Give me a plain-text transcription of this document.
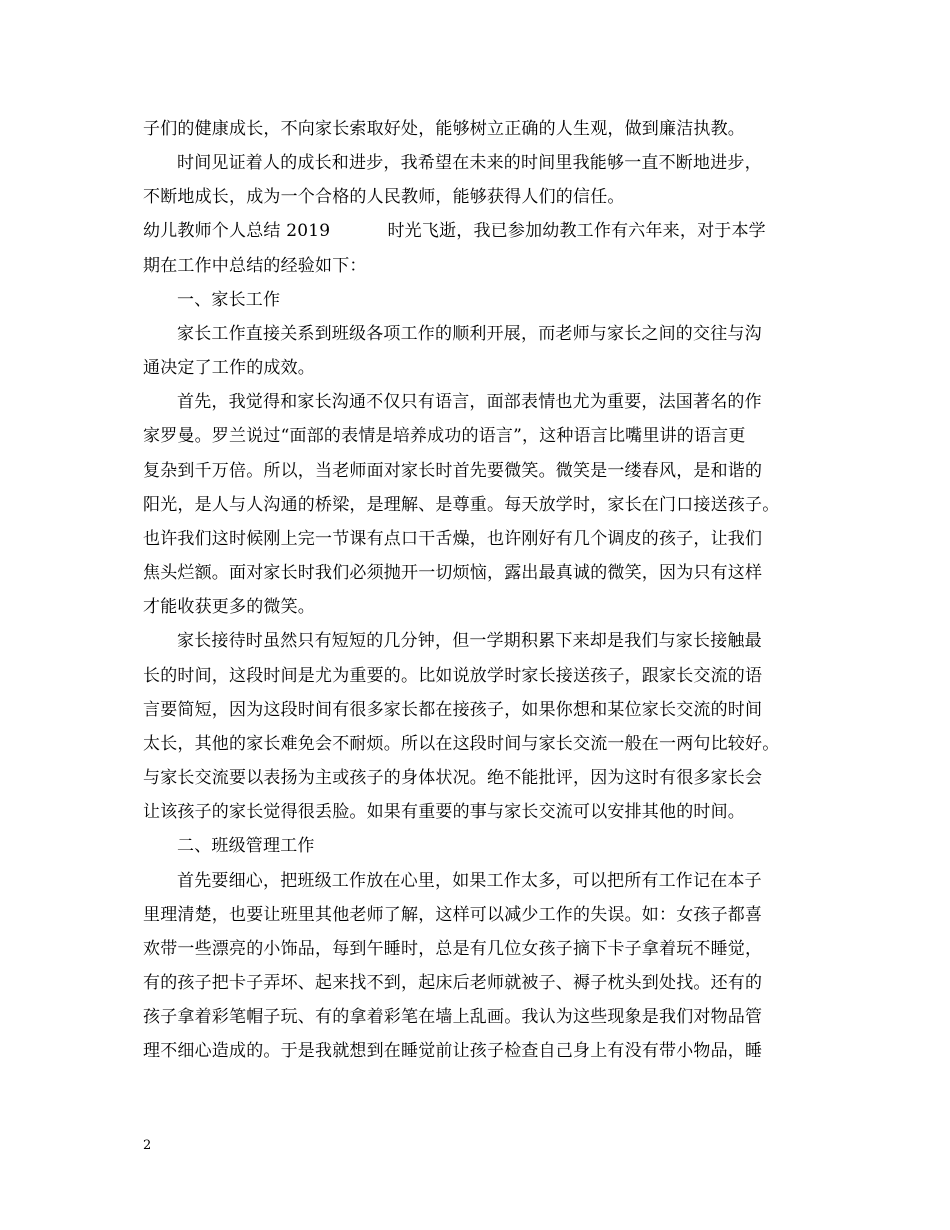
子们的健康成长，不向家长索取好处，能够树立正确的人生观，做到廉洁执教。
时间见证着人的成长和进步，我希望在未来的时间里我能够一直不断地进步，
不断地成长，成为一个合格的人民教师，能够获得人们的信任。
幼儿教师个人总结 2019 　　　时光飞逝，我已参加幼教工作有六年来，对于本学
期在工作中总结的经验如下：
一、家长工作
家长工作直接关系到班级各项工作的顺利开展，而老师与家长之间的交往与沟
通决定了工作的成效。
首先，我觉得和家长沟通不仅只有语言，面部表情也尤为重要，法国著名的作
家罗曼。罗兰说过“面部的表情是培养成功的语言”，这种语言比嘴里讲的语言更
复杂到千万倍。所以，当老师面对家长时首先要微笑。微笑是一缕春风，是和谐的
阳光，是人与人沟通的桥梁，是理解、是尊重。每天放学时，家长在门口接送孩子。
也许我们这时候刚上完一节课有点口干舌燥，也许刚好有几个调皮的孩子，让我们
焦头烂额。面对家长时我们必须抛开一切烦恼，露出最真诚的微笑，因为只有这样
才能收获更多的微笑。
家长接待时虽然只有短短的几分钟，但一学期积累下来却是我们与家长接触最
长的时间，这段时间是尤为重要的。比如说放学时家长接送孩子，跟家长交流的语
言要简短，因为这段时间有很多家长都在接孩子，如果你想和某位家长交流的时间
太长，其他的家长难免会不耐烦。所以在这段时间与家长交流一般在一两句比较好。
与家长交流要以表扬为主或孩子的身体状况。绝不能批评，因为这时有很多家长会
让该孩子的家长觉得很丢脸。如果有重要的事与家长交流可以安排其他的时间。
二、班级管理工作
首先要细心，把班级工作放在心里，如果工作太多，可以把所有工作记在本子
里理清楚，也要让班里其他老师了解，这样可以减少工作的失误。如：女孩子都喜
欢带一些漂亮的小饰品，每到午睡时，总是有几位女孩子摘下卡子拿着玩不睡觉，
有的孩子把卡子弄坏、起来找不到，起床后老师就被子、褥子枕头到处找。还有的
孩子拿着彩笔帽子玩、有的拿着彩笔在墙上乱画。我认为这些现象是我们对物品管
理不细心造成的。于是我就想到在睡觉前让孩子检查自己身上有没有带小物品，睡
2
